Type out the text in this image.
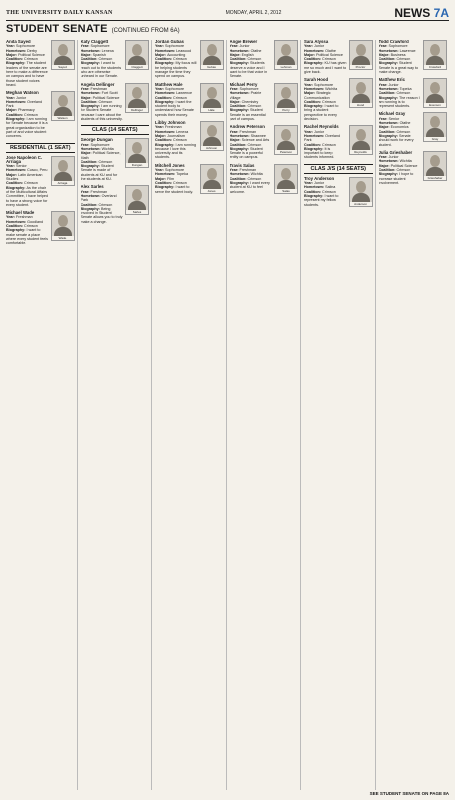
THE UNIVERSITY DAILY KANSAN	MONDAY, APRIL 2, 2012	NEWS 7A
STUDENT SENATE (CONTINUED FROM 6A)
Anita Sayed
Year: Sophomore
Hometown: Derby
Major: Political Science
Coalition: Crimson
Biography: The student leaders of the senate are here to make a difference on campus and to have those student voices heard.
Sayed
Meghan Watson
Year: Junior
Hometown: Overland Park
Major: Pharmacy
Coalition: Crimson
Biography: I am running for Senate because it is a great organization to be part of and voice student concerns.
Watson
RESIDENTIAL (1 SEAT)
Jose Napoleon C. Arriaga
Year: Senior
Hometown: Cusco, Peru
Major: Latin American Studies
Coalition: Crimson
Biography: As the chair of the Multicultural Affairs Committee, I have helped to have a strong voice for every student.
Arriaga
Michael Wade
Year: Freshman
Hometown: Goodland
Coalition: Crimson
Biography: I want to make senate a place where every student feels comfortable.
Wade
Katy Claggett
Year: Sophomore
Hometown: Lenexa
Major: Spanish
Coalition: Crimson
Biography: I want to reach out to the students who are otherwise unheard in our Senate.
Claggett
Angela Dellinger
Year: Freshman
Hometown: Fort Scott
Major: Political Science
Coalition: Crimson
Biography: I am running for Student Senate because I care about the students of this university.
Dellinger
CLAS (14 SEATS)
George Dungan
Year: Sophomore
Hometown: Wichita
Major: Political Science, Math
Coalition: Crimson
Biography: Student Senate is made of students at KU and for the students at KU.
Dungan
Alex Sarles
Year: Freshman
Hometown: Overland Park
Coalition: Crimson
Biography: Being involved in Student Senate allows you to truly make a change.
Sarles
Jordan Gubas
Year: Sophomore
Hometown: Leawood
Major: Accounting
Coalition: Crimson
Biography: My focus will be helping students manage the time they spend on campus.
Gubas
Matthew Hale
Year: Sophomore
Hometown: Lawrence
Coalition: Crimson
Biography: I want the student body to understand how Senate spends their money.
Hale
Libby Johnson
Year: Freshman
Hometown: Lenexa
Major: Journalism
Coalition: Crimson
Biography: I am running because I love this university and its students.
Johnson
Mitchell Jones
Year: Sophomore
Hometown: Topeka
Major: Film
Coalition: Crimson
Biography: I want to serve the student body.	Jones
Angie Brewer
Year: Junior
Hometown: Olathe
Major: English
Coalition: Crimson
Biography: Students deserve a voice and I want to be that voice in Senate.
Lehman
Michael Perry
Year: Sophomore
Hometown: Prairie Village
Major: Chemistry
Coalition: Crimson
Biography: Student Senate is an essential part of campus.
Perry
Andrew Peterson
Year: Freshman
Hometown: Shawnee
Major: Science and Arts
Coalition: Crimson
Biography: Student Senate is a powerful entity on campus.
Peterson
Travis Salas
Year: Freshman
Hometown: Wichita
Coalition: Crimson
Biography: I want every student at KU to feel welcome.	Salas
Sara Alyssa
Year: Junior
Hometown: Olathe
Major: Political Science
Coalition: Crimson
Biography: KU has given me so much and I want to give back.
Proctor
Sarah Hood
Year: Sophomore
Hometown: Wichita
Major: Strategic Communication
Coalition: Crimson
Biography: I want to bring a student perspective to every decision.
Hood
Rachel Reynolds
Year: Junior
Hometown: Overland Park
Coalition: Crimson
Biography: It is important to keep students informed.
Reynolds
CLAS J/S (14 SEATS)
Troy Anderson
Year: Junior
Hometown: Salina
Coalition: Crimson
Biography: I want to represent my fellow students.	Anderson
Todd Crawford
Year: Sophomore
Hometown: Lawrence
Major: Business
Coalition: Crimson
Biography: Student Senate is a great way to make change.
Crawford
Matthew Eric
Year: Junior
Hometown: Topeka
Coalition: Crimson
Biography: The reason I am running is to represent students.	Evenson
Michael Gray
Year: Senior
Hometown: Olathe
Major: Economics
Coalition: Crimson
Biography: Senate should work for every student.
Gray
Julia Grieshaber
Year: Junior
Hometown: Wichita
Major: Political Science
Coalition: Crimson
Biography: I hope to increase student involvement.
Grieshaber
SEE STUDENT SENATE ON PAGE 8A
